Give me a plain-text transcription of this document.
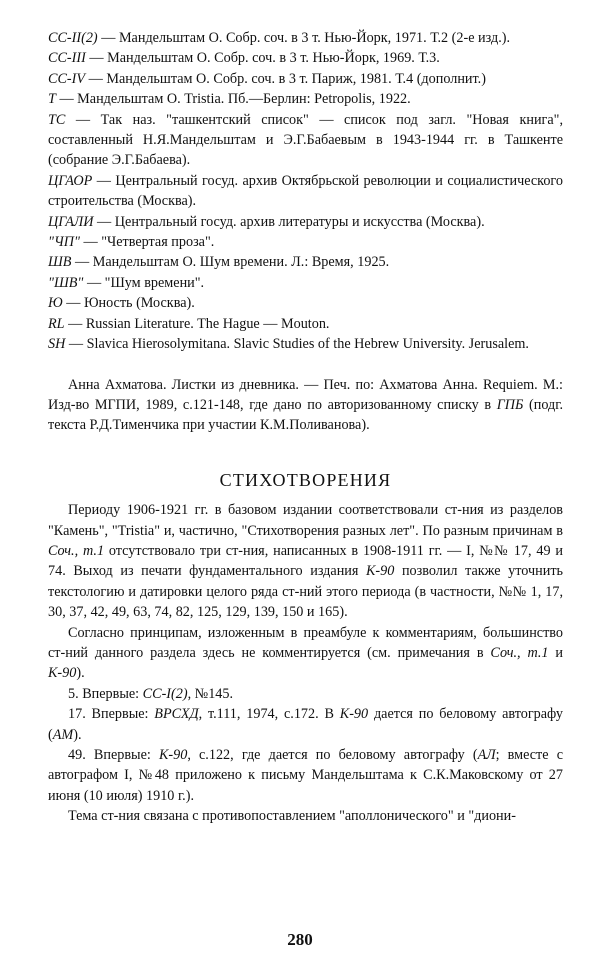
CC-II(2) — Мандельштам О. Собр. соч. в 3 т. Нью-Йорк, 1971. Т.2 (2-е изд.).

CC-III — Мандельштам О. Собр. соч. в 3 т. Нью-Йорк, 1969. Т.3.

CC-IV — Мандельштам О. Собр. соч. в 3 т. Париж, 1981. Т.4 (дополнит.)

T — Мандельштам О. Tristia. Пб.—Берлин: Petropolis, 1922.

TC — Так наз. "ташкентский список" — список под загл. "Новая книга", составленный Н.Я.Мандельштам и Э.Г.Бабаевым в 1943-1944 гг. в Ташкенте (собрание Э.Г.Бабаева).

ЦГАОР — Центральный госуд. архив Октябрьской революции и социалистического строительства (Москва).

ЦГАЛИ — Центральный госуд. архив литературы и искусства (Москва).

"ЧП" — "Четвертая проза".

ШВ — Мандельштам О. Шум времени. Л.: Время, 1925.

"ШВ" — "Шум времени".

Ю — Юность (Москва).

RL — Russian Literature. The Hague — Mouton.

SH — Slavica Hierosolymitana. Slavic Studies of the Hebrew University. Jerusalem.

Анна Ахматова. Листки из дневника. — Печ. по: Ахматова Анна. Requiem. М.: Изд-во МГПИ, 1989, с.121-148, где дано по авторизованному списку в ГПБ (подг. текста Р.Д.Тименчика при участии К.М.Поливанова).

СТИХОТВОРЕНИЯ

Периоду 1906-1921 гг. в базовом издании соответствовали ст-ния из разделов "Камень", "Tristia" и, частично, "Стихотворения разных лет". По разным причинам в Соч., т.1 отсутствовало три ст-ния, написанных в 1908-1911 гг. — I, №№ 17, 49 и 74. Выход из печати фундаментального издания К-90 позволил также уточнить текстологию и датировки целого ряда ст-ний этого периода (в частности, №№ 1, 17, 30, 37, 42, 49, 63, 74, 82, 125, 129, 139, 150 и 165).

Согласно принципам, изложенным в преамбуле к комментариям, большинство ст-ний данного раздела здесь не комментируется (см. примечания в Соч., т.1 и К-90).

5. Впервые: CC-I(2), №145.

17. Впервые: ВРСХД, т.111, 1974, с.172. В К-90 дается по беловому автографу (АМ).

49. Впервые: К-90, с.122, где дается по беловому автографу (АЛ; вместе с автографом I, №48 приложено к письму Мандельштама к С.К.Маковскому от 27 июня (10 июля) 1910 г.).

Тема ст-ния связана с противопоставлением "аполлонического" и "диони-

280
